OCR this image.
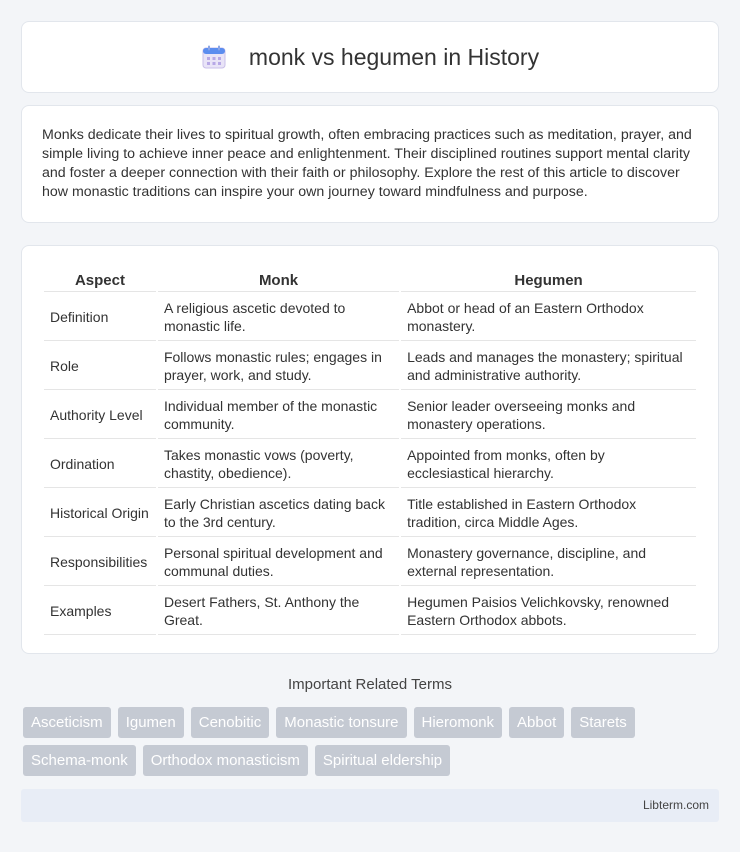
monk vs hegumen in History

Monks dedicate their lives to spiritual growth, often embracing practices such as meditation, prayer, and simple living to achieve inner peace and enlightenment. Their disciplined routines support mental clarity and foster a deeper connection with their faith or philosophy. Explore the rest of this article to discover how monastic traditions can inspire your own journey toward mindfulness and purpose.

Aspect	Monk	Hegumen
Definition	A religious ascetic devoted to monastic life.	Abbot or head of an Eastern Orthodox monastery.
Role	Follows monastic rules; engages in prayer, work, and study.	Leads and manages the monastery; spiritual and administrative authority.
Authority Level	Individual member of the monastic community.	Senior leader overseeing monks and monastery operations.
Ordination	Takes monastic vows (poverty, chastity, obedience).	Appointed from monks, often by ecclesiastical hierarchy.
Historical Origin	Early Christian ascetics dating back to the 3rd century.	Title established in Eastern Orthodox tradition, circa Middle Ages.
Responsibilities	Personal spiritual development and communal duties.	Monastery governance, discipline, and external representation.
Examples	Desert Fathers, St. Anthony the Great.	Hegumen Paisios Velichkovsky, renowned Eastern Orthodox abbots.
Important Related Terms
Asceticism	Igumen	Cenobitic	Monastic tonsure	Hieromonk	Abbot	Starets
Schema-monk	Orthodox monasticism	Spiritual eldership
Libterm.com
